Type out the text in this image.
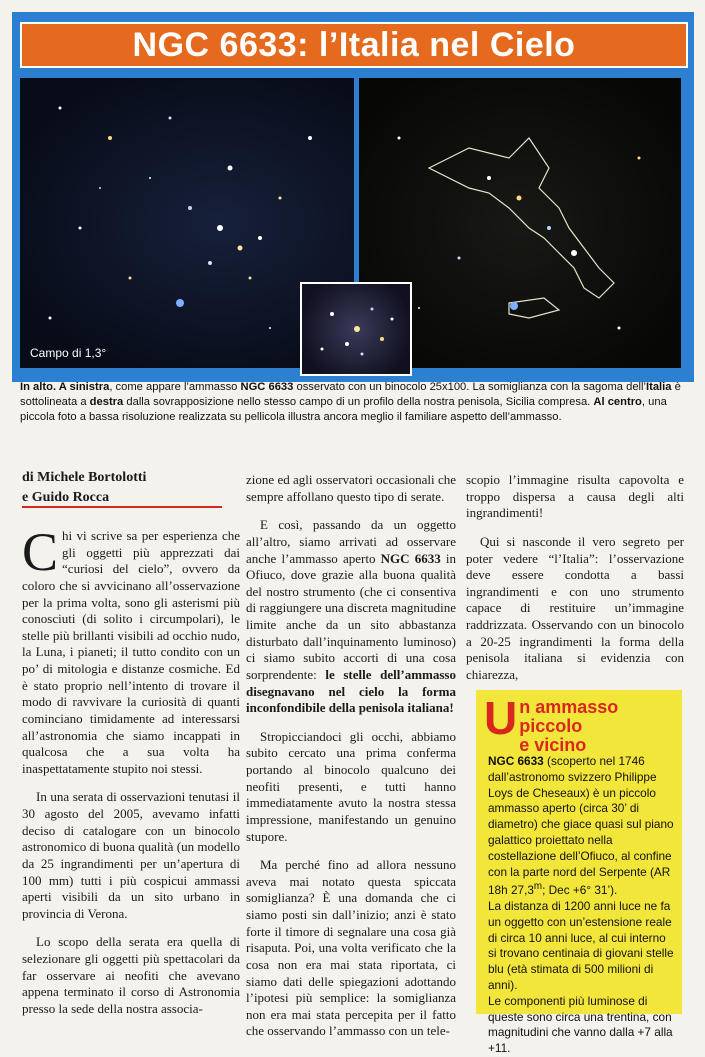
NGC 6633: l’Italia nel Cielo
Campo di 1,3°
In alto. A sinistra, come appare l’ammasso NGC 6633 osservato con un binocolo 25x100. La somiglianza con la sagoma dell’Italia è sottolineata a destra dalla sovrapposizione nello stesso campo di un profilo della nostra penisola, Sicilia compresa. Al centro, una piccola foto a bassa risoluzione realizzata su pellicola illustra ancora meglio il familiare aspetto dell’ammasso.
di Michele Bortolotti
e Guido Rocca

Chi vi scrive sa per esperienza che gli oggetti più apprezzati dai “curiosi del cielo”, ovvero da coloro che si avvicinano all’osservazione per la prima volta, sono gli asterismi più conosciuti (di solito i circumpolari), le stelle più brillanti visibili ad occhio nudo, la Luna, i pianeti; il tutto condito con un po’ di mitologia e distanze cosmiche. Ed è stato proprio nell’intento di trovare il modo di ravvivare la curiosità di quanti cominciano timidamente ad interessarsi all’astronomia che siamo incappati in qualcosa che a sua volta ha inaspettatamente stupito noi stessi.

In una serata di osservazioni tenutasi il 30 agosto del 2005, avevamo infatti deciso di catalogare con un binocolo astronomico di buona qualità (un modello da 25 ingrandimenti per un’apertura di 100 mm) tutti i più cospicui ammassi aperti visibili da un sito urbano in provincia di Verona.

Lo scopo della serata era quella di selezionare gli oggetti più spettacolari da far osservare ai neofiti che avevano appena terminato il corso di Astronomia presso la sede della nostra associa-

zione ed agli osservatori occasionali che sempre affollano questo tipo di serate.

E così, passando da un oggetto all’altro, siamo arrivati ad osservare anche l’ammasso aperto NGC 6633 in Ofiuco, dove grazie alla buona qualità del nostro strumento (che ci consentiva di raggiungere una discreta magnitudine limite anche da un sito abbastanza disturbato dall’inquinamento luminoso) ci siamo subito accorti di una cosa sorprendente: le stelle dell’ammasso disegnavano nel cielo la forma inconfondibile della penisola italiana!

Stropicciandoci gli occhi, abbiamo subito cercato una prima conferma portando al binocolo qualcuno dei neofiti presenti, e tutti hanno immediatamente avuto la nostra stessa impressione, manifestando un genuino stupore.

Ma perché fino ad allora nessuno aveva mai notato questa spiccata somiglianza? È una domanda che ci siamo posti sin dall’inizio; anzi è stato forte il timore di segnalare una cosa già risaputa. Poi, una volta verificato che la cosa non era mai stata riportata, ci siamo dati delle spiegazioni adottando l’ipotesi più semplice: la somiglianza non era mai stata percepita per il fatto che osservando l’ammasso con un tele-

scopio l’immagine risulta capovolta e troppo dispersa a causa degli alti ingrandimenti!

Qui si nasconde il vero segreto per poter vedere “l’Italia”: l’osservazione deve essere condotta a bassi ingrandimenti e con uno strumento capace di restituire un’immagine raddrizzata. Osservando con un binocolo a 20-25 ingrandimenti la forma della penisola italiana si evidenzia con chiarezza,

U n ammasso piccolo
e vicino

NGC 6633 (scoperto nel 1746 dall’astronomo svizzero Philippe Loys de Cheseaux) è un piccolo ammasso aperto (circa 30’ di diametro) che giace quasi sul piano galattico proiettato nella costellazione dell’Ofiuco, al confine con la parte nord del Serpente (AR 18h 27,3$^m$; Dec +6° 31’).

La distanza di 1200 anni luce ne fa un oggetto con un’estensione reale di circa 10 anni luce, al cui interno si trovano centinaia di giovani stelle blu (età stimata di 500 milioni di anni).

Le componenti più luminose di queste sono circa una trentina, con magnitudini che vanno dalla +7 alla +11.
